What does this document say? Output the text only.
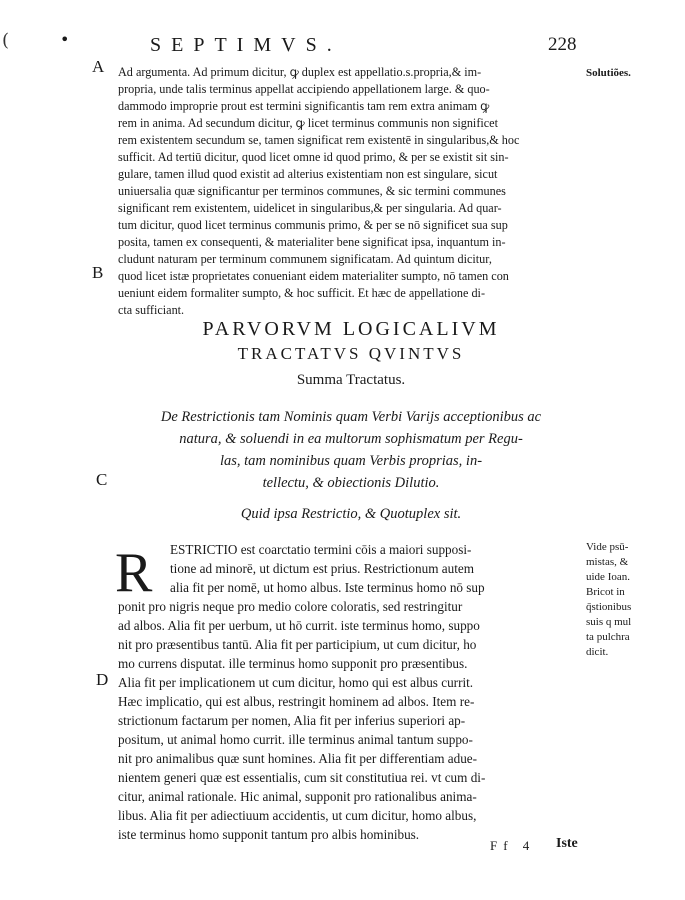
(	•	SEPTIMVS.	228
A
B
C
D
Solutiões.
Vide psū-
mistas, &
uide Ioan.
Bricot in
q̄stionibus
suis q mul
ta pulchra
dicit.
Ad argumenta. Ad primum dicitur, ꝙ duplex est appellatio.s.propria,& im-
propria, unde talis terminus appellat accipiendo appellationem large. & quo-
dammodo improprie prout est termini significantis tam rem extra animam ꝙ
rem in anima. Ad secundum dicitur, ꝙ licet terminus communis non significet
rem existentem secundum se, tamen significat rem existentē in singularibus,& hoc
sufficit. Ad tertiū dicitur, quod licet omne id quod primo, & per se existit sit sin-
gulare, tamen illud quod existit ad alterius existentiam non est singulare, sicut
uniuersalia quæ significantur per terminos communes, & sic termini communes
significant rem existentem, uidelicet in singularibus,& per singularia. Ad quar-
tum dicitur, quod licet terminus communis primo, & per se nō significet sua sup
posita, tamen ex consequenti, & materialiter bene significat ipsa, inquantum in-
cludunt naturam per terminum communem significatam. Ad quintum dicitur,
quod licet istæ proprietates conueniant eidem materialiter sumpto, nō tamen con
ueniunt eidem formaliter sumpto, & hoc sufficit. Et hæc de appellatione di-
cta sufficiant.
PARVORVM LOGICALIVM
TRACTATVS QVINTVS
Summa Tractatus.
De Restrictionis tam Nominis quam Verbi Varijs acceptionibus ac
natura, & soluendi in ea multorum sophismatum per Regu-
las, tam nominibus quam Verbis proprias, in-
tellectu, & obiectionis Dilutio.
Quid ipsa Restrictio, & Quotuplex sit.
R ESTRICTIO est coarctatio termini cōis a maiori supposi-
tione ad minorē, ut dictum est prius. Restrictionum autem
alia fit per nomē, ut homo albus. Iste terminus homo nō sup
ponit pro nigris neque pro medio colore coloratis, sed restringitur
ad albos. Alia fit per uerbum, ut hō currit. iste terminus homo, suppo
nit pro præsentibus tantū. Alia fit per participium, ut cum dicitur, ho
mo currens disputat. ille terminus homo supponit pro præsentibus.
Alia fit per implicationem ut cum dicitur, homo qui est albus currit.
Hæc implicatio, qui est albus, restringit hominem ad albos. Item re-
strictionum factarum per nomen, Alia fit per inferius superiori ap-
positum, ut animal homo currit. ille terminus animal tantum suppo-
nit pro animalibus quæ sunt homines. Alia fit per differentiam adue-
nientem generi quæ est essentialis, cum sit constitutiua rei. vt cum di-
citur, animal rationale. Hic animal, supponit pro rationalibus anima-
libus. Alia fit per adiectiuum accidentis, ut cum dicitur, homo albus,
iste terminus homo supponit tantum pro albis hominibus.
Ff 4 Iste
